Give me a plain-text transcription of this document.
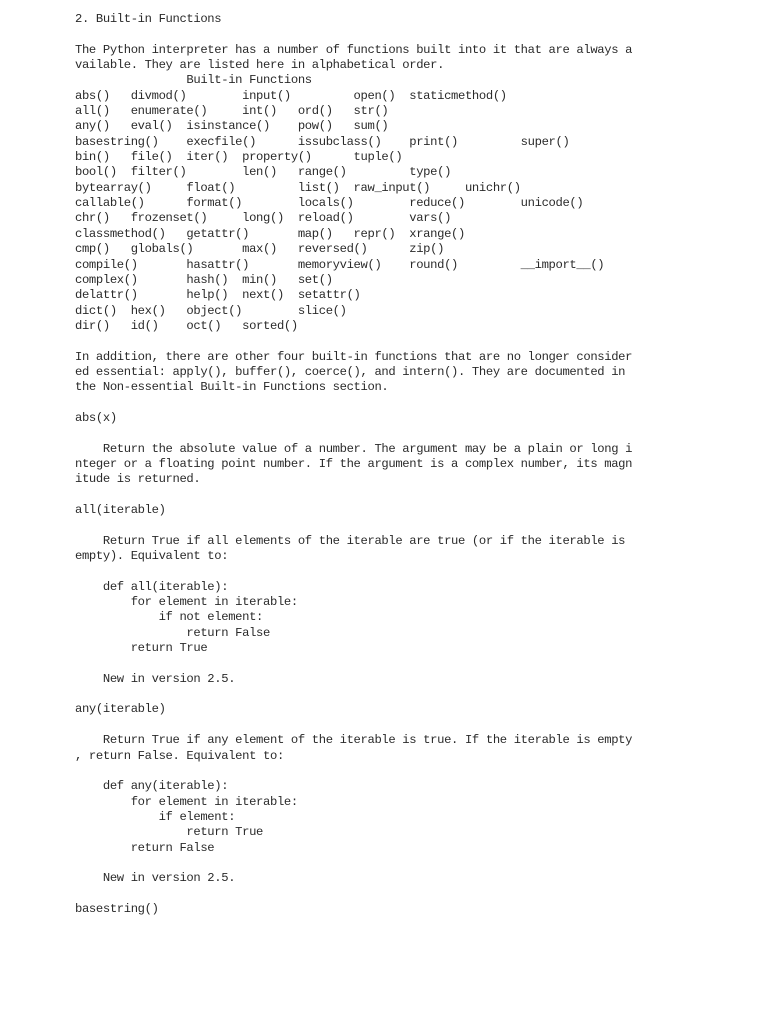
2. Built-in Functions
The Python interpreter has a number of functions built into it that are always a
vailable. They are listed here in alphabetical order.
Built-in Functions
abs()   divmod()        input()         open()  staticmethod()
all()   enumerate()     int()   ord()   str()
any()   eval()  isinstance()    pow()   sum()
basestring()    execfile()      issubclass()    print()         super()
bin()   file()  iter()  property()      tuple()
bool()  filter()        len()   range()         type()
bytearray()     float()         list()  raw_input()     unichr()
callable()      format()        locals()        reduce()        unicode()
chr()   frozenset()     long()  reload()        vars()
classmethod()   getattr()       map()   repr()  xrange()
cmp()   globals()       max()   reversed()      zip()
compile()       hasattr()       memoryview()    round()         __import__()
complex()       hash()  min()   set()
delattr()       help()  next()  setattr()
dict()  hex()   object()        slice()
dir()   id()    oct()   sorted()
In addition, there are other four built-in functions that are no longer consider
ed essential: apply(), buffer(), coerce(), and intern(). They are documented in
the Non-essential Built-in Functions section.
abs(x)
Return the absolute value of a number. The argument may be a plain or long i
nteger or a floating point number. If the argument is a complex number, its magn
itude is returned.
all(iterable)
Return True if all elements of the iterable are true (or if the iterable is
empty). Equivalent to:
def all(iterable):
for element in iterable:
if not element:
return False
return True
New in version 2.5.
any(iterable)
Return True if any element of the iterable is true. If the iterable is empty
, return False. Equivalent to:
def any(iterable):
for element in iterable:
if element:
return True
return False
New in version 2.5.
basestring()
